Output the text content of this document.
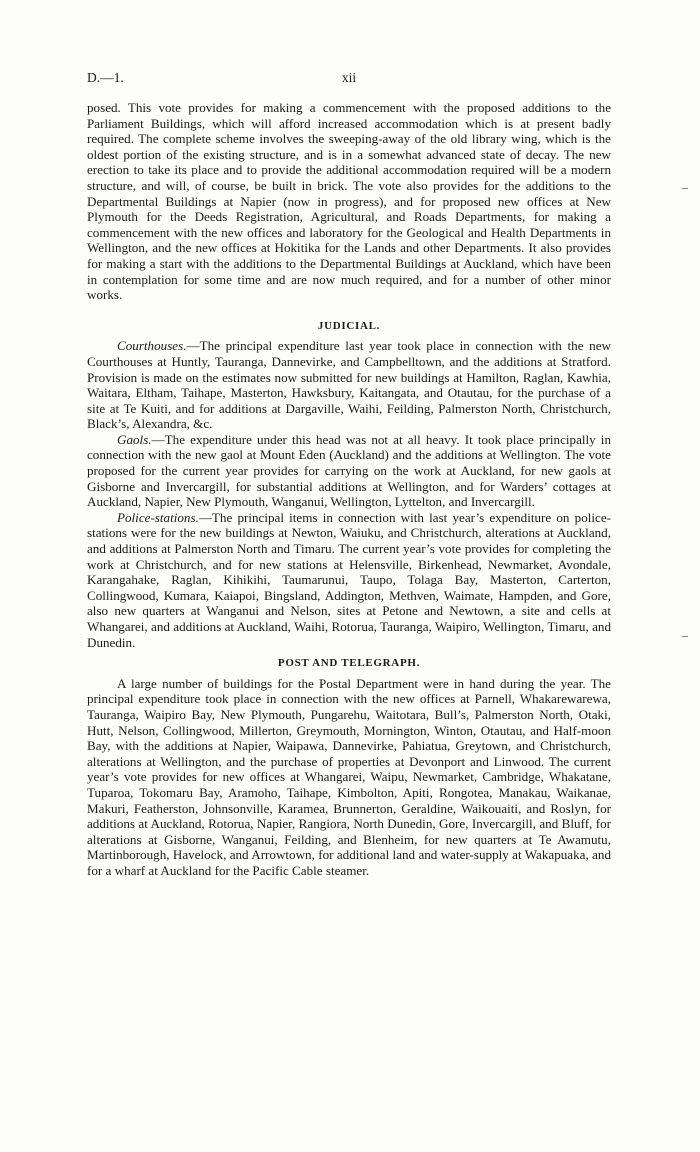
D.—1.	xii

posed. This vote provides for making a commencement with the proposed additions to the Parliament Buildings, which will afford increased accommodation which is at present badly required. The complete scheme involves the sweeping-away of the old library wing, which is the oldest portion of the existing structure, and is in a somewhat advanced state of decay. The new erection to take its place and to provide the additional accommodation required will be a modern structure, and will, of course, be built in brick. The vote also provides for the additions to the Departmental Buildings at Napier (now in progress), and for proposed new offices at New Plymouth for the Deeds Registration, Agricultural, and Roads Departments, for making a commencement with the new offices and laboratory for the Geological and Health Departments in Wellington, and the new offices at Hokitika for the Lands and other Departments. It also provides for making a start with the additions to the Departmental Buildings at Auckland, which have been in contemplation for some time and are now much required, and for a number of other minor works.

JUDICIAL.

Courthouses.—The principal expenditure last year took place in connection with the new Courthouses at Huntly, Tauranga, Dannevirke, and Campbelltown, and the additions at Stratford. Provision is made on the estimates now submitted for new buildings at Hamilton, Raglan, Kawhia, Waitara, Eltham, Taihape, Masterton, Hawksbury, Kaitangata, and Otautau, for the purchase of a site at Te Kuiti, and for additions at Dargaville, Waihi, Feilding, Palmerston North, Christchurch, Black’s, Alexandra, &c.

Gaols.—The expenditure under this head was not at all heavy. It took place principally in connection with the new gaol at Mount Eden (Auckland) and the additions at Wellington. The vote proposed for the current year provides for carrying on the work at Auckland, for new gaols at Gisborne and Invercargill, for substantial additions at Wellington, and for Warders’ cottages at Auckland, Napier, New Plymouth, Wanganui, Wellington, Lyttelton, and Invercargill.

Police-stations.—The principal items in connection with last year’s expenditure on police-stations were for the new buildings at Newton, Waiuku, and Christchurch, alterations at Auckland, and additions at Palmerston North and Timaru. The current year’s vote provides for completing the work at Christchurch, and for new stations at Helensville, Birkenhead, Newmarket, Avondale, Karangahake, Raglan, Kihikihi, Taumarunui, Taupo, Tolaga Bay, Masterton, Carterton, Collingwood, Kumara, Kaiapoi, Bingsland, Addington, Methven, Waimate, Hampden, and Gore, also new quarters at Wanganui and Nelson, sites at Petone and Newtown, a site and cells at Whangarei, and additions at Auckland, Waihi, Rotorua, Tauranga, Waipiro, Wellington, Timaru, and Dunedin.

POST AND TELEGRAPH.

A large number of buildings for the Postal Department were in hand during the year. The principal expenditure took place in connection with the new offices at Parnell, Whakarewarewa, Tauranga, Waipiro Bay, New Plymouth, Pungarehu, Waitotara, Bull’s, Palmerston North, Otaki, Hutt, Nelson, Collingwood, Millerton, Greymouth, Mornington, Winton, Otautau, and Half-moon Bay, with the additions at Napier, Waipawa, Dannevirke, Pahiatua, Greytown, and Christchurch, alterations at Wellington, and the purchase of properties at Devonport and Linwood. The current year’s vote provides for new offices at Whangarei, Waipu, Newmarket, Cambridge, Whakatane, Tuparoa, Tokomaru Bay, Aramoho, Taihape, Kimbolton, Apiti, Rongotea, Manakau, Waikanae, Makuri, Featherston, Johnsonville, Karamea, Brunnerton, Geraldine, Waikouaiti, and Roslyn, for additions at Auckland, Rotorua, Napier, Rangiora, North Dunedin, Gore, Invercargill, and Bluff, for alterations at Gisborne, Wanganui, Feilding, and Blenheim, for new quarters at Te Awamutu, Martinborough, Havelock, and Arrowtown, for additional land and water-supply at Wakapuaka, and for a wharf at Auckland for the Pacific Cable steamer.
